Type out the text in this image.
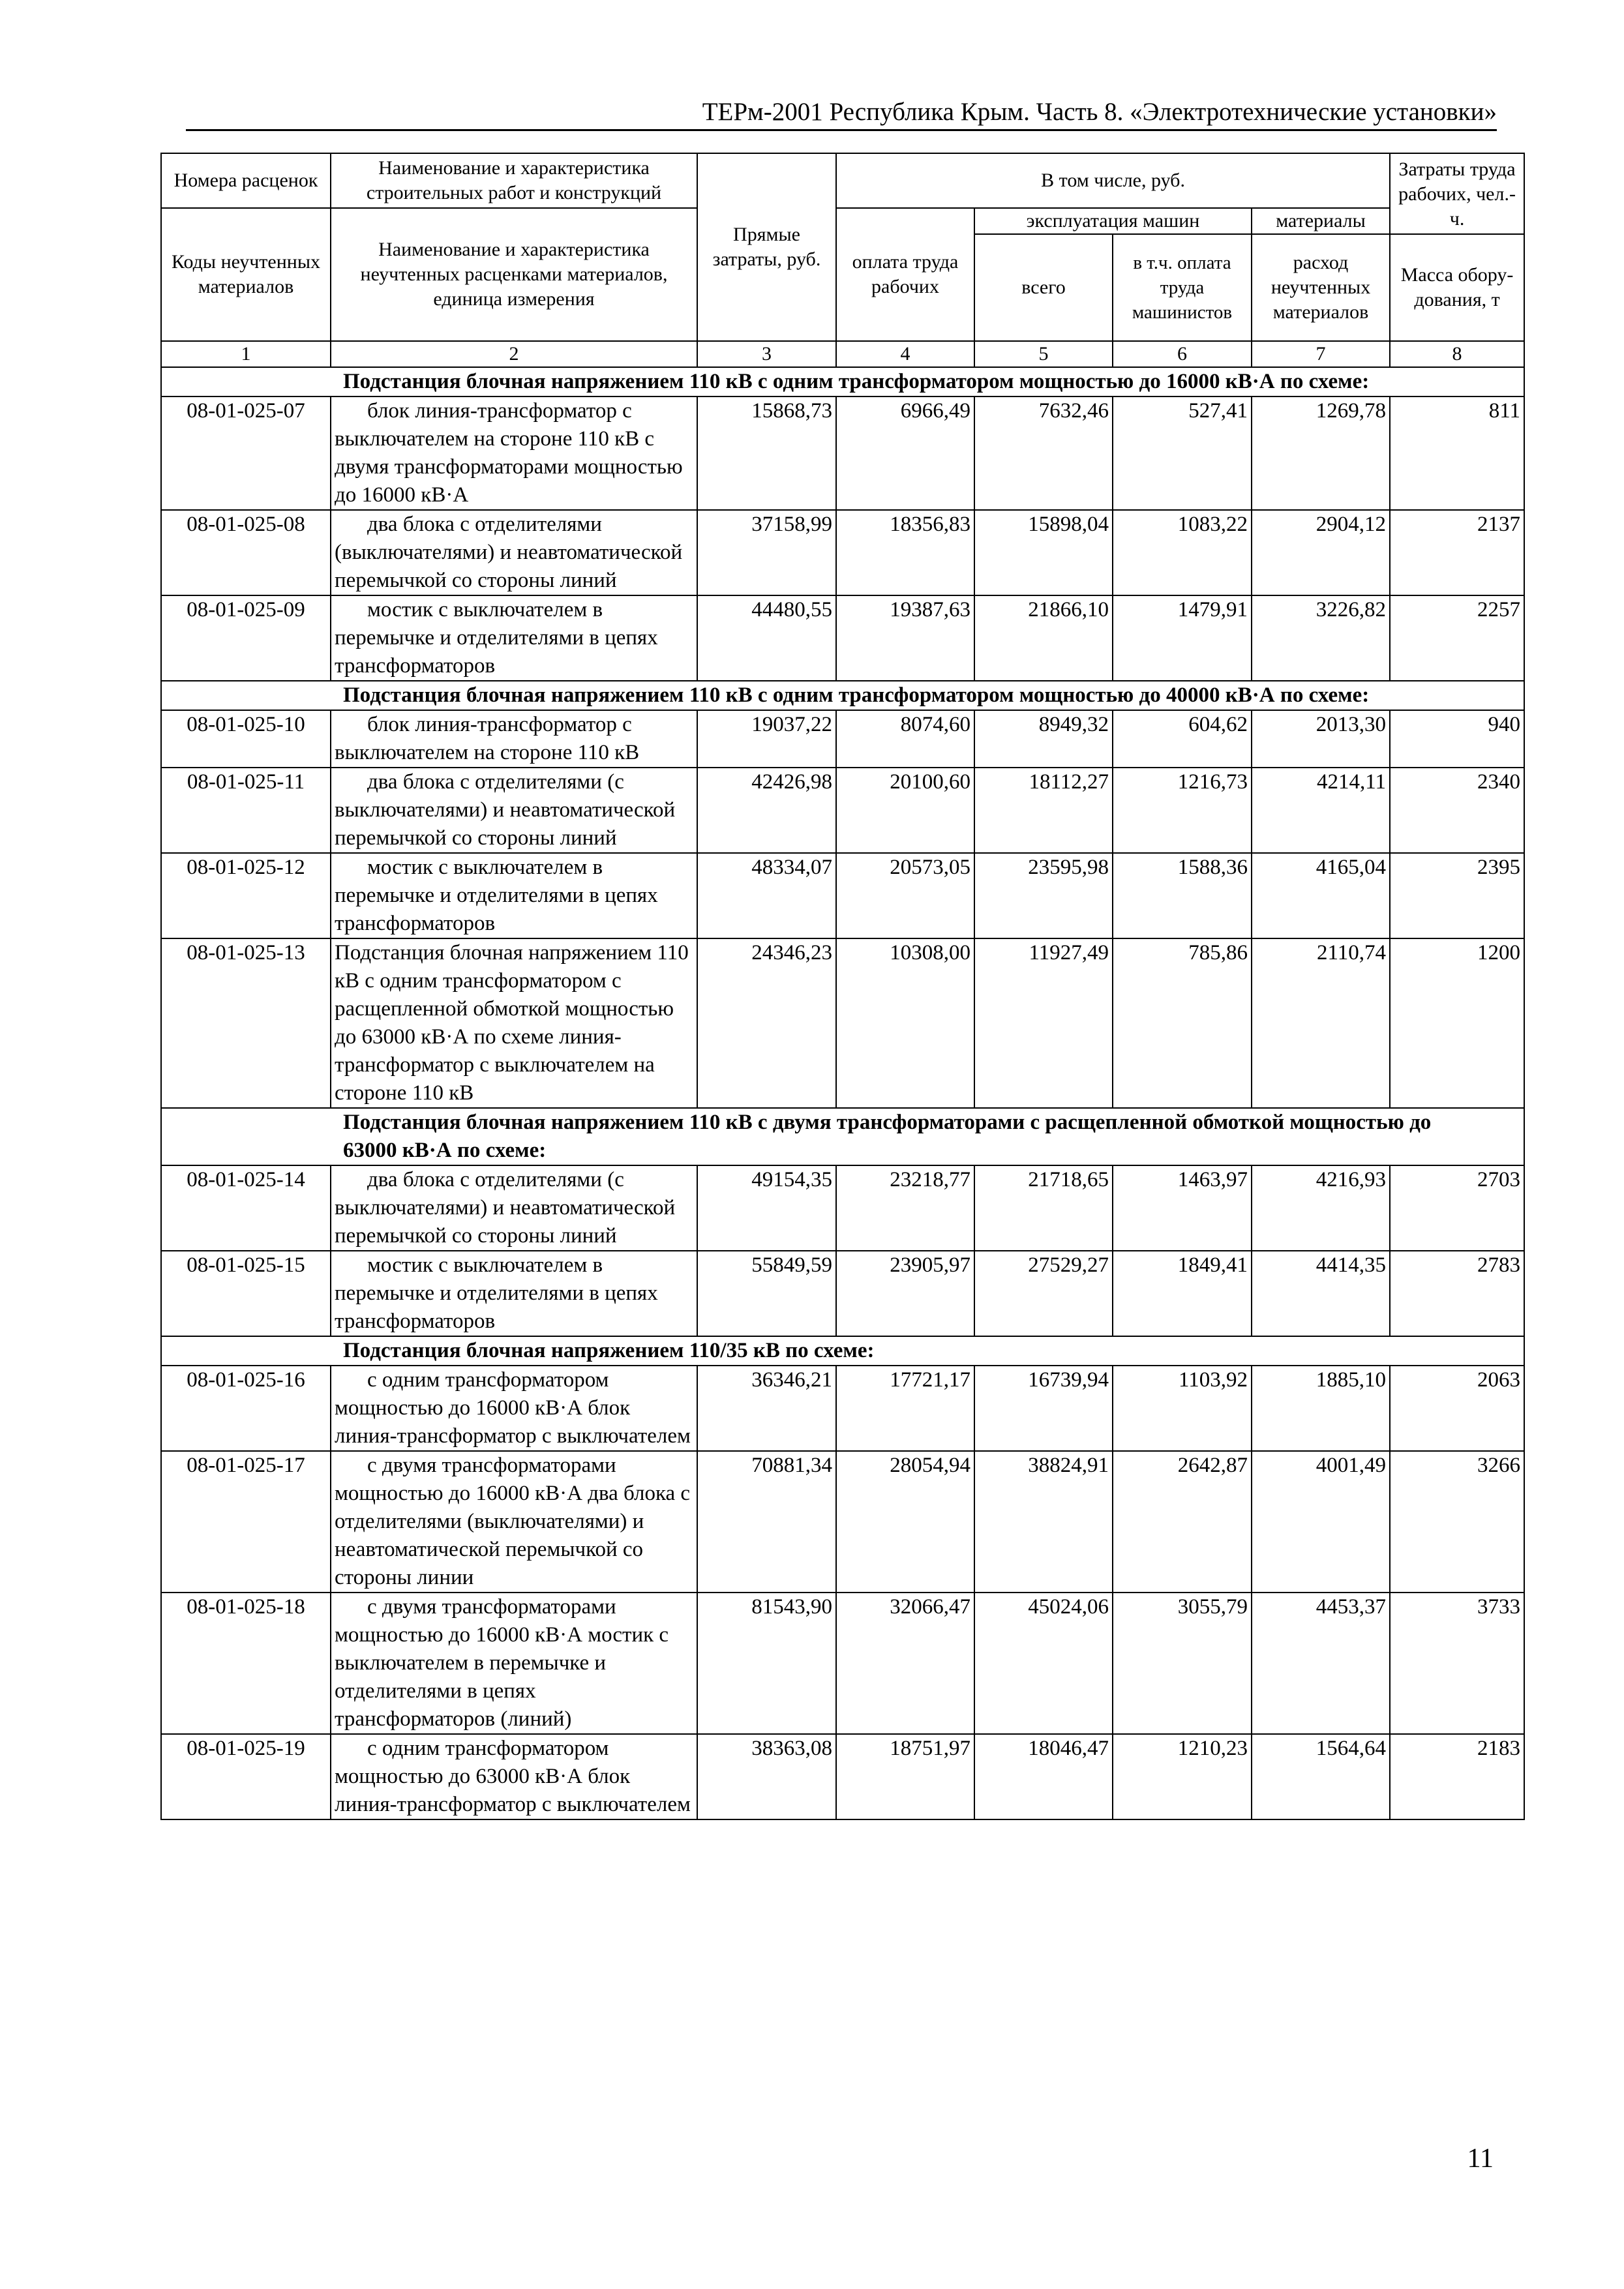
ТЕРм-2001 Республика Крым. Часть 8. «Электротехнические установки»
Номера расценок	Наименование и характеристика строительных работ и конструкций	Прямые затраты, руб.	В том числе, руб.				Затраты труда рабочих, чел.-ч.
Коды неучтенных материалов	Наименование и характеристика неучтенных расценками материалов, единица измерения		оплата труда рабочих	эксплуатация машин		материалы	
				всего	в т.ч. оплата труда машинистов	расход неучтенных материалов	Масса обору-дования, т
1	2	3	4	5	6	7	8
Подстанция блочная напряжением 110 кВ с одним трансформатором мощностью до 16000 кВ·А по схеме:							
08-01-025-07	блок линия-трансформатор с выключателем на стороне 110 кВ с двумя трансформаторами мощностью до 16000 кВ·А	15868,73	6966,49	7632,46	527,41	1269,78	811
08-01-025-08	два блока с отделителями (выключателями) и неавтоматической перемычкой со стороны линий	37158,99	18356,83	15898,04	1083,22	2904,12	2137
08-01-025-09	мостик с выключателем в перемычке и отделителями в цепях трансформаторов	44480,55	19387,63	21866,10	1479,91	3226,82	2257
Подстанция блочная напряжением 110 кВ с одним трансформатором мощностью до 40000 кВ·А по схеме:							
08-01-025-10	блок линия-трансформатор с выключателем на стороне 110 кВ	19037,22	8074,60	8949,32	604,62	2013,30	940
08-01-025-11	два блока с отделителями (с выключателями) и неавтоматической перемычкой со стороны линий	42426,98	20100,60	18112,27	1216,73	4214,11	2340
08-01-025-12	мостик с выключателем в перемычке и отделителями в цепях трансформаторов	48334,07	20573,05	23595,98	1588,36	4165,04	2395
08-01-025-13	Подстанция блочная напряжением 110 кВ с одним трансформатором с расщепленной обмоткой мощностью до 63000 кВ·А по схеме линия-трансформатор с выключателем на стороне 110 кВ	24346,23	10308,00	11927,49	785,86	2110,74	1200
Подстанция блочная напряжением 110 кВ с двумя трансформаторами с расщепленной обмоткой мощностью до 63000 кВ·А по схеме:							
08-01-025-14	два блока с отделителями (с выключателями) и неавтоматической перемычкой со стороны линий	49154,35	23218,77	21718,65	1463,97	4216,93	2703
08-01-025-15	мостик с выключателем в перемычке и отделителями в цепях трансформаторов	55849,59	23905,97	27529,27	1849,41	4414,35	2783
Подстанция блочная напряжением 110/35 кВ по схеме:							
08-01-025-16	с одним трансформатором мощностью до 16000 кВ·А блок линия-трансформатор с выключателем	36346,21	17721,17	16739,94	1103,92	1885,10	2063
08-01-025-17	с двумя трансформаторами мощностью до 16000 кВ·А два блока с отделителями (выключателями) и неавтоматической перемычкой со стороны линии	70881,34	28054,94	38824,91	2642,87	4001,49	3266
08-01-025-18	с двумя трансформаторами мощностью до 16000 кВ·А мостик с выключателем в перемычке и отделителями в цепях трансформаторов (линий)	81543,90	32066,47	45024,06	3055,79	4453,37	3733
08-01-025-19	с одним трансформатором мощностью до 63000 кВ·А блок линия-трансформатор с выключателем	38363,08	18751,97	18046,47	1210,23	1564,64	2183
11
